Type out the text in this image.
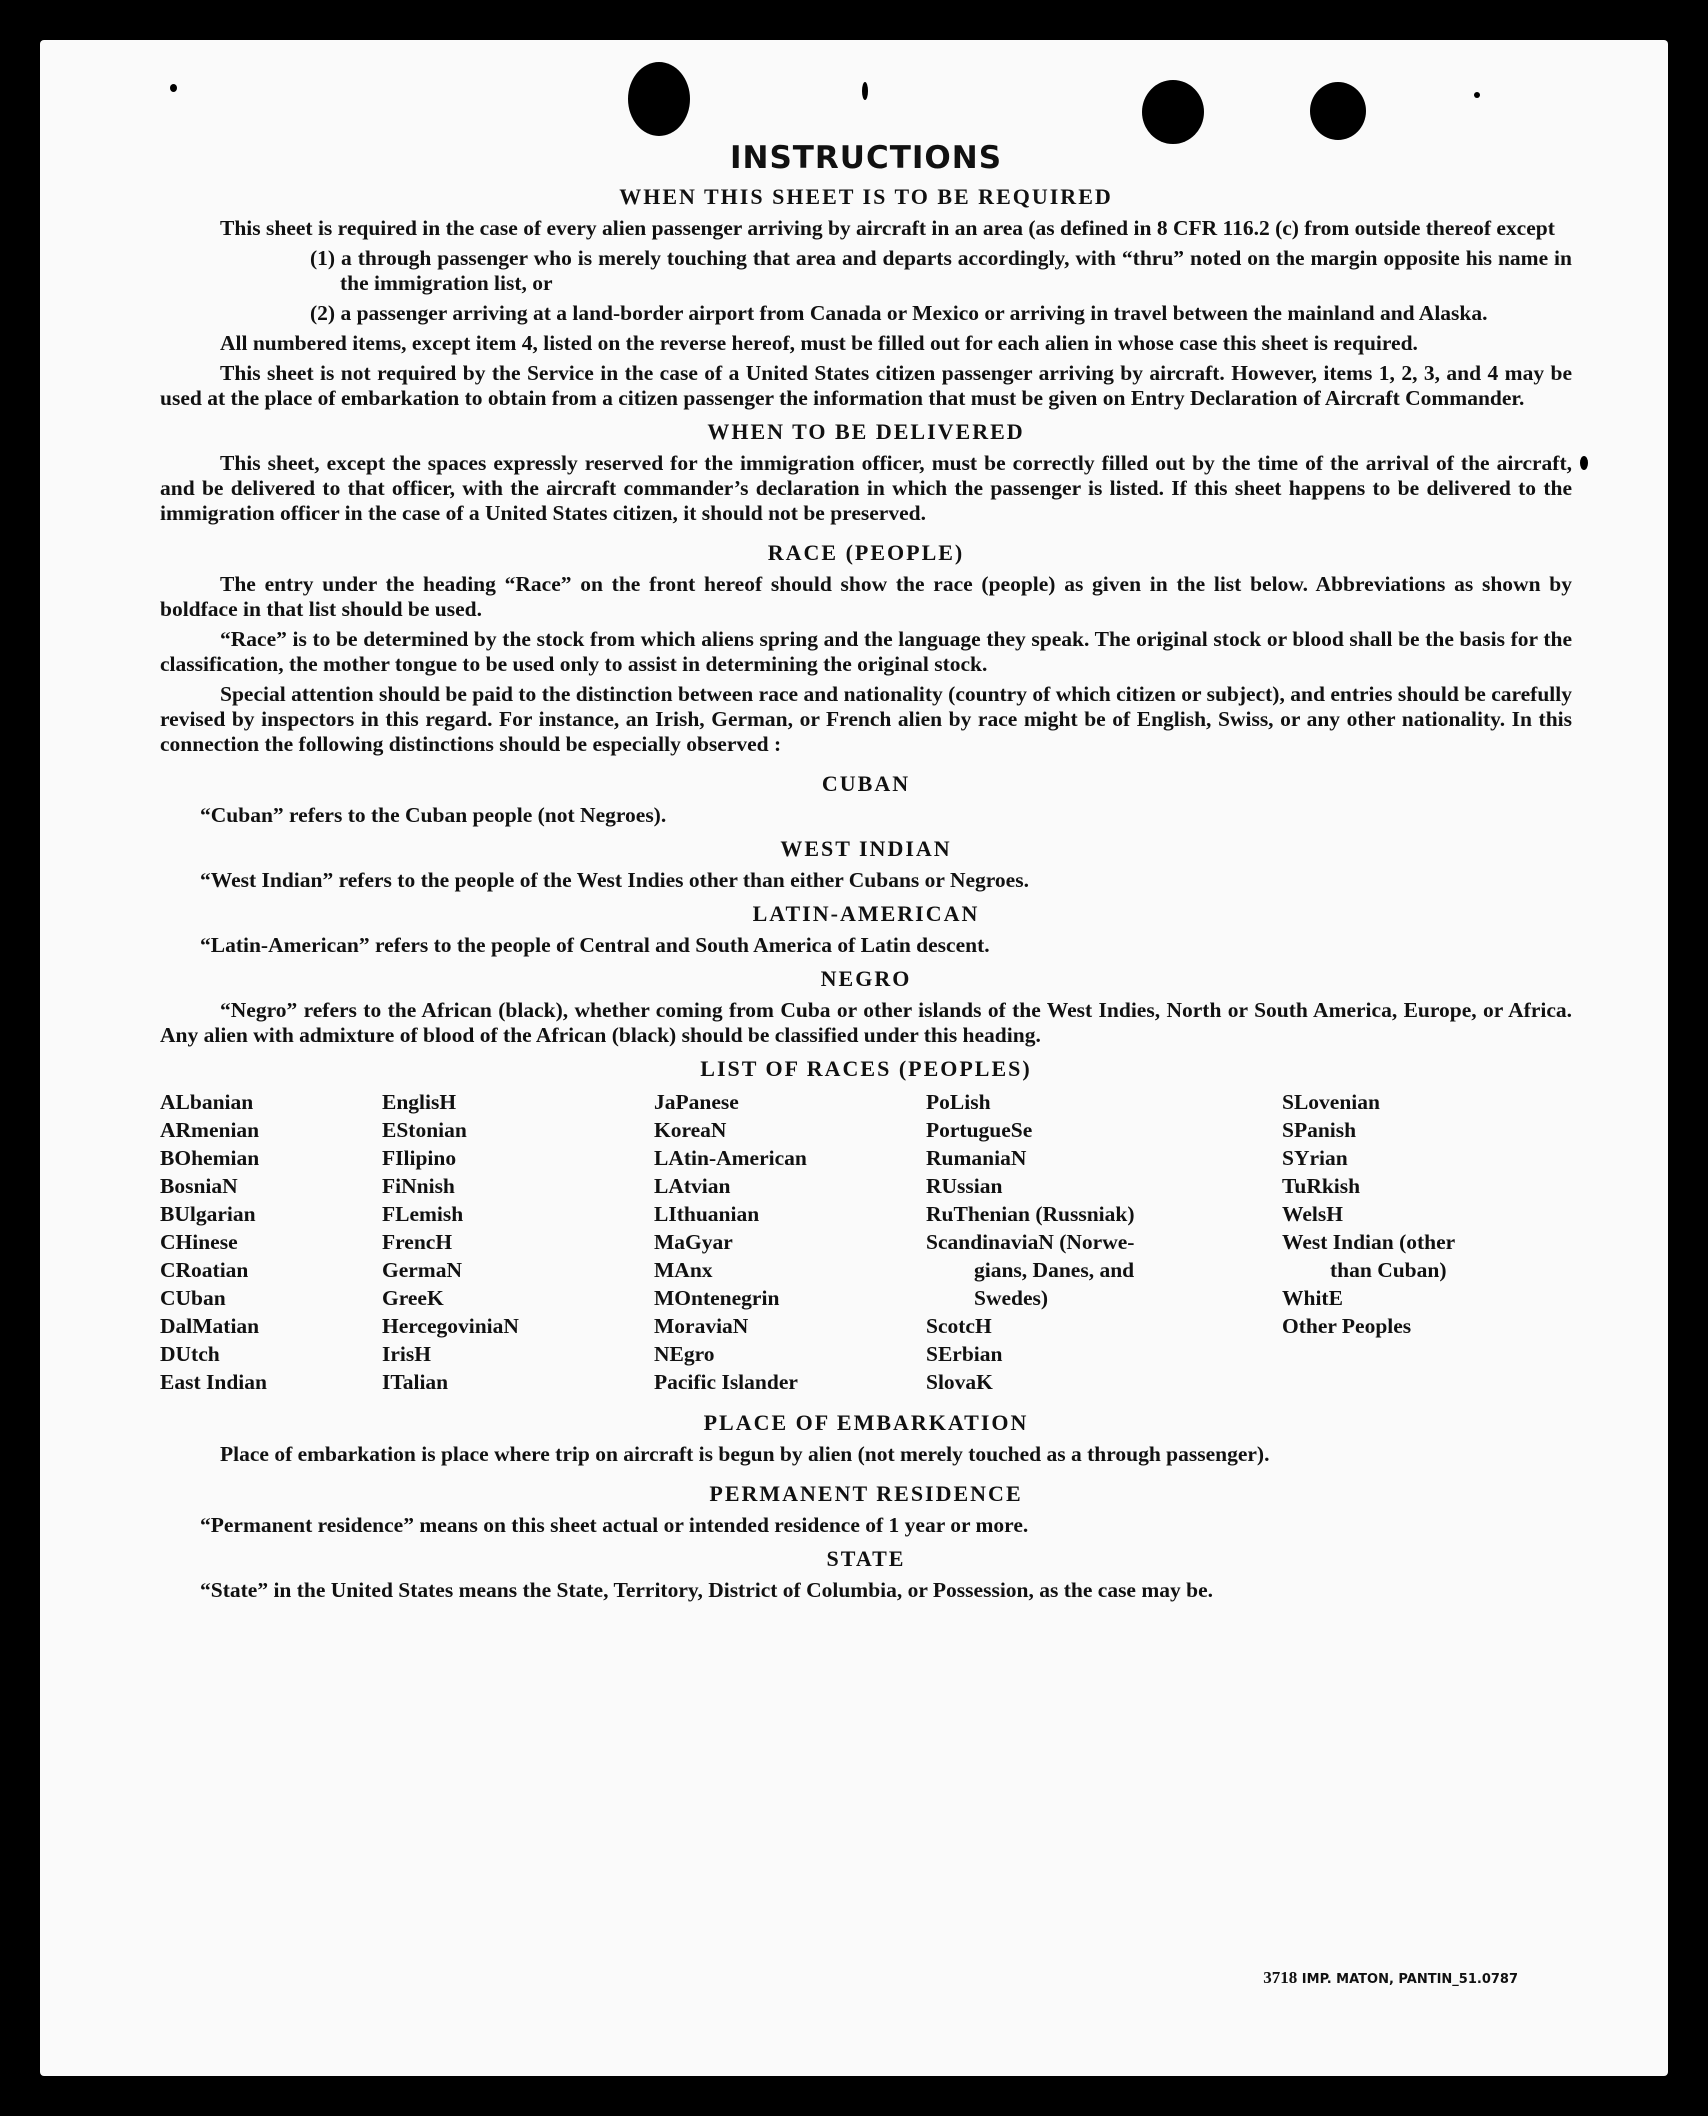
INSTRUCTIONS
WHEN THIS SHEET IS TO BE REQUIRED

This sheet is required in the case of every alien passenger arriving by aircraft in an area (as defined in 8 CFR 116.2 (c) from outside thereof except

(1) a through passenger who is merely touching that area and departs accordingly, with “thru” noted on the margin opposite his name in the immigration list, or

(2) a passenger arriving at a land-border airport from Canada or Mexico or arriving in travel between the mainland and Alaska.

All numbered items, except item 4, listed on the reverse hereof, must be filled out for each alien in whose case this sheet is required.

This sheet is not required by the Service in the case of a United States citizen passenger arriving by aircraft. However, items 1, 2, 3, and 4 may be used at the place of embarkation to obtain from a citizen passenger the information that must be given on Entry Declaration of Aircraft Commander.

WHEN TO BE DELIVERED

This sheet, except the spaces expressly reserved for the immigration officer, must be correctly filled out by the time of the arrival of the aircraft, and be delivered to that officer, with the aircraft commander’s declaration in which the passenger is listed. If this sheet happens to be delivered to the immigration officer in the case of a United States citizen, it should not be preserved.

RACE (PEOPLE)

The entry under the heading “Race” on the front hereof should show the race (people) as given in the list below. Abbreviations as shown by boldface in that list should be used.

“Race” is to be determined by the stock from which aliens spring and the language they speak. The original stock or blood shall be the basis for the classification, the mother tongue to be used only to assist in determining the original stock.

Special attention should be paid to the distinction between race and nationality (country of which citizen or subject), and entries should be carefully revised by inspectors in this regard. For instance, an Irish, German, or French alien by race might be of English, Swiss, or any other nationality. In this connection the following distinctions should be especially observed :

CUBAN

“Cuban” refers to the Cuban people (not Negroes).

WEST INDIAN

“West Indian” refers to the people of the West Indies other than either Cubans or Negroes.

LATIN-AMERICAN

“Latin-American” refers to the people of Central and South America of Latin descent.

NEGRO

“Negro” refers to the African (black), whether coming from Cuba or other islands of the West Indies, North or South America, Europe, or Africa. Any alien with admixture of blood of the African (black) should be classified under this heading.

LIST OF RACES (PEOPLES)
ALbanian
ARmenian
BOhemian
BosniaN
BUlgarian
CHinese
CRoatian
CUban
DalMatian
DUtch
East Indian
EnglisH
EStonian
FIlipino
FiNnish
FLemish
FrencH
GermaN
GreeK
HercegoviniaN
IrisH
ITalian
JaPanese
KoreaN
LAtin-American
LAtvian
LIthuanian
MaGyar
MAnx
MOntenegrin
MoraviaN
NEgro
Pacific Islander
PoLish
PortugueSe
RumaniaN
RUssian
RuThenian (Russniak)
ScandinaviaN (Norwe-
gians, Danes, and
Swedes)
ScotcH
SErbian
SlovaK
SLovenian
SPanish
SYrian
TuRkish
WelsH
West Indian (other
than Cuban)
WhitE
Other Peoples
PLACE OF EMBARKATION

Place of embarkation is place where trip on aircraft is begun by alien (not merely touched as a through passenger).

PERMANENT RESIDENCE

“Permanent residence” means on this sheet actual or intended residence of 1 year or more.

STATE

“State” in the United States means the State, Territory, District of Columbia, or Possession, as the case may be.

3718 IMP. MATON, PANTIN_51.0787
